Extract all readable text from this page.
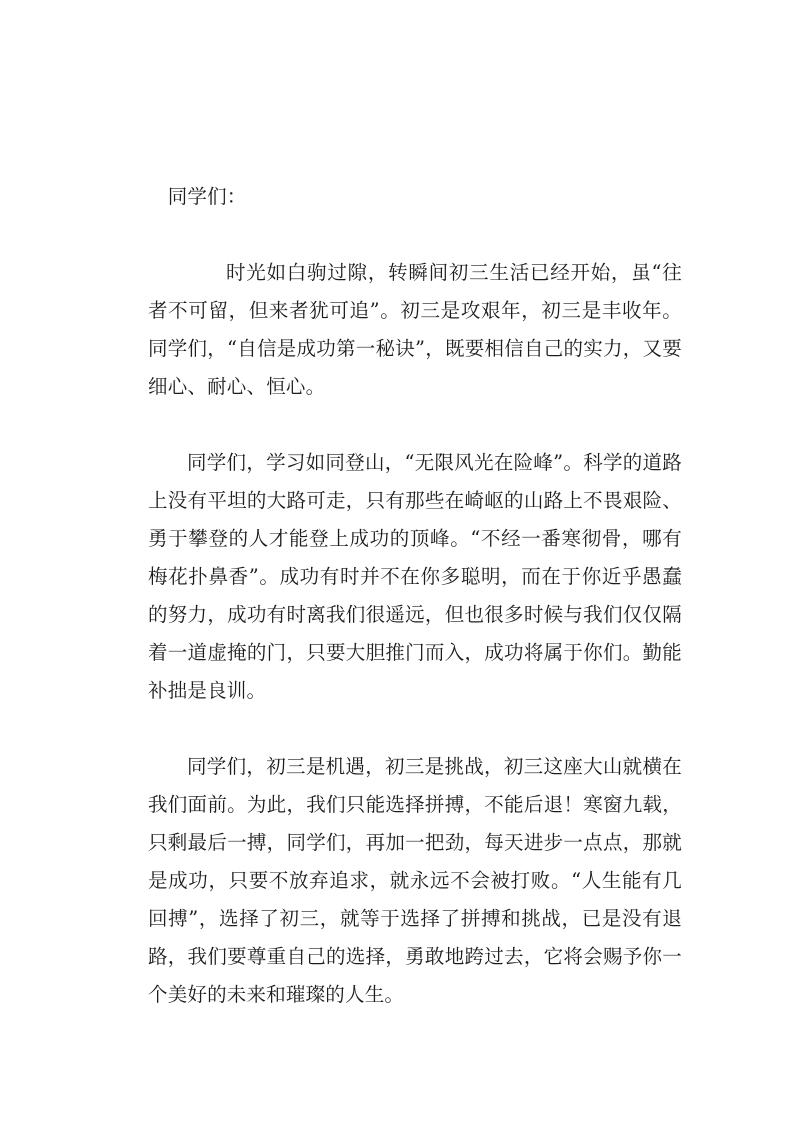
　同学们：

时光如白驹过隙，转瞬间初三生活已经开始，虽“往者不可留，但来者犹可追”。初三是攻艰年，初三是丰收年。同学们，“自信是成功第一秘诀”，既要相信自己的实力，又要细心、耐心、恒心。

同学们，学习如同登山，“无限风光在险峰”。科学的道路上没有平坦的大路可走，只有那些在崎岖的山路上不畏艰险、勇于攀登的人才能登上成功的顶峰。“不经一番寒彻骨，哪有梅花扑鼻香”。成功有时并不在你多聪明，而在于你近乎愚蠢的努力，成功有时离我们很遥远，但也很多时候与我们仅仅隔着一道虚掩的门，只要大胆推门而入，成功将属于你们。勤能补拙是良训。

同学们，初三是机遇，初三是挑战，初三这座大山就横在我们面前。为此，我们只能选择拼搏，不能后退！寒窗九载，只剩最后一搏，同学们，再加一把劲，每天进步一点点，那就是成功，只要不放弃追求，就永远不会被打败。“人生能有几回搏”，选择了初三，就等于选择了拼搏和挑战，已是没有退路，我们要尊重自己的选择，勇敢地跨过去，它将会赐予你一个美好的未来和璀璨的人生。
